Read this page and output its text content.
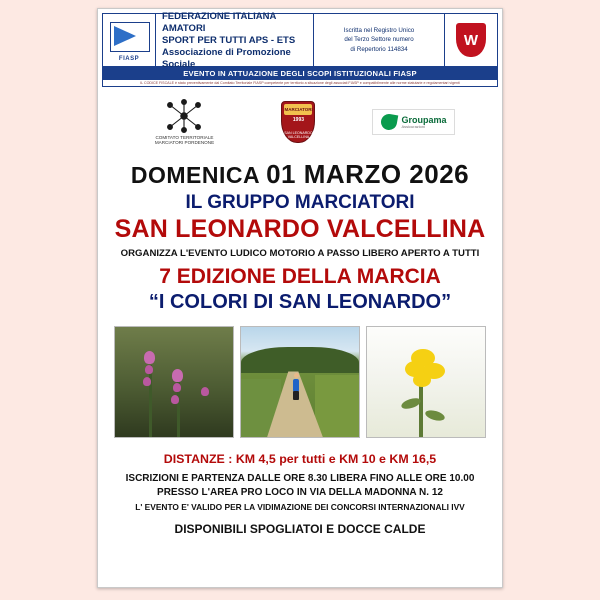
FIASP
FEDERAZIONE ITALIANA AMATORI
SPORT PER TUTTI APS - ETS
Associazione di Promozione Sociale
Iscritta nel Registro Unico
del Terzo Settore numero
di Repertorio 114834
W
EVENTO IN ATTUAZIONE DEGLI SCOPI ISTITUZIONALI FIASP
IL CODICE FISCALE è stato preventivamente dal Comitato Territoriale FIASP competente per territorio a situazione degli associati FIASP e compatibilmente alle norme statutarie e regolamentari vigenti
COMITATO TERRITORIALE MARCIATORI PORDENONE
MARCIATORI
1993
SAN LEONARDO VALCELLINA
Groupama
Assicurazioni
DOMENICA 01 MARZO 2026
IL GRUPPO MARCIATORI
SAN LEONARDO VALCELLINA
ORGANIZZA L'EVENTO LUDICO MOTORIO A PASSO LIBERO APERTO A TUTTI
7 EDIZIONE DELLA MARCIA
“I COLORI DI SAN LEONARDO”
DISTANZE : KM 4,5 per tutti e KM 10 e KM 16,5
ISCRIZIONI E PARTENZA DALLE ORE 8.30 LIBERA FINO ALLE ORE 10.00
PRESSO L'AREA PRO LOCO IN VIA DELLA MADONNA N. 12
L' EVENTO E' VALIDO PER LA VIDIMAZIONE DEI CONCORSI INTERNAZIONALI IVV
DISPONIBILI SPOGLIATOI E DOCCE CALDE
